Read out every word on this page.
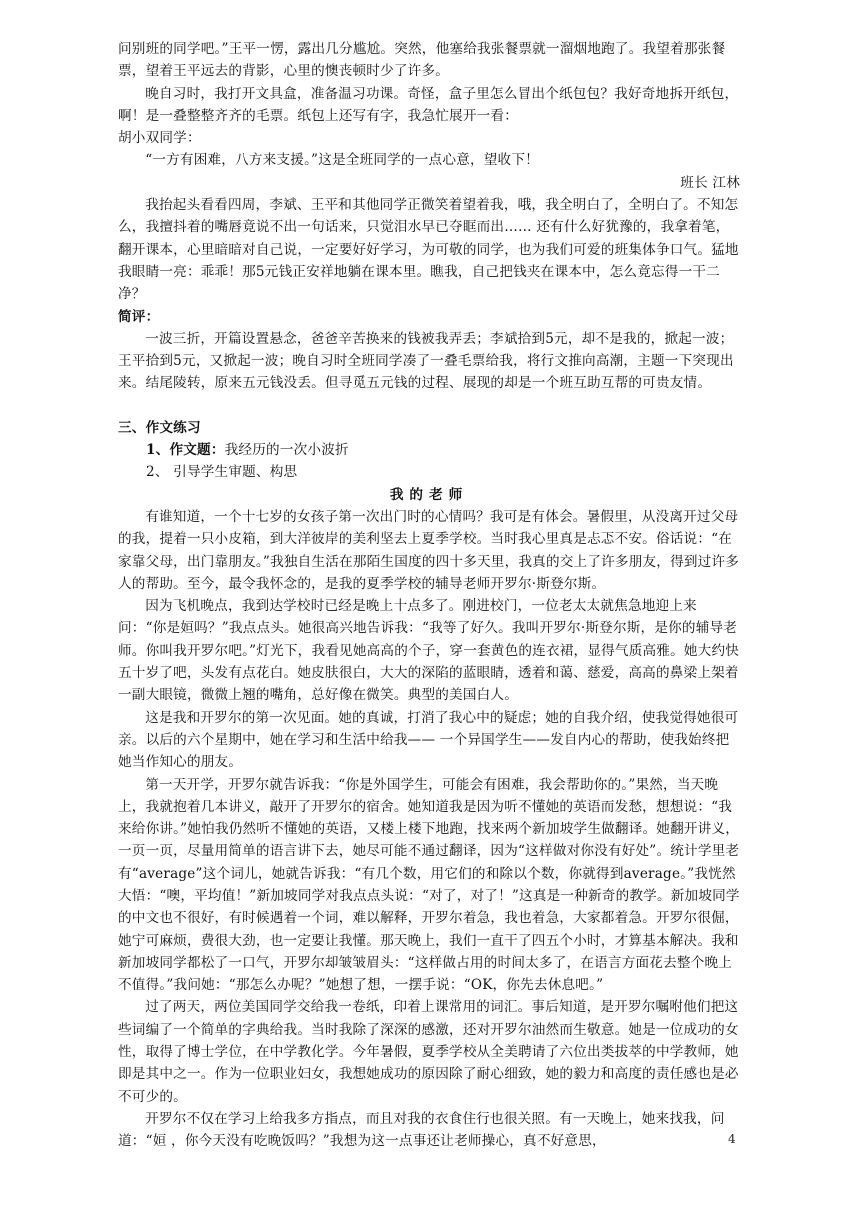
问别班的同学吧。”王平一愣，露出几分尴尬。突然，他塞给我张餐票就一溜烟地跑了。我望着那张餐票，望着王平远去的背影，心里的懊丧顿时少了许多。

晚自习时，我打开文具盒，准备温习功课。奇怪，盒子里怎么冒出个纸包包？我好奇地拆开纸包，啊！是一叠整整齐齐的毛票。纸包上还写有字，我急忙展开一看：

胡小双同学：

“一方有困难，八方来支援。”这是全班同学的一点心意，望收下！

班长 江林

我抬起头看看四周，李斌、王平和其他同学正微笑着望着我，哦，我全明白了，全明白了。不知怎么，我擅抖着的嘴唇竟说不出一句话来，只觉泪水早已夺眶而出…… 还有什么好犹豫的，我拿着笔，翻开课本，心里暗暗对自己说，一定要好好学习，为可敬的同学，也为我们可爱的班集体争口气。猛地我眼睛一亮：乖乖！那5元钱正安祥地躺在课本里。瞧我，自己把钱夹在课本中，怎么竟忘得一干二净？

简评：

一波三折，开篇设置悬念，爸爸辛苦换来的钱被我弄丢；李斌拾到5元，却不是我的，掀起一波；王平拾到5元，又掀起一波；晚自习时全班同学凑了一叠毛票给我，将行文推向高潮，主题一下突现出来。结尾陵转，原来五元钱没丢。但寻觅五元钱的过程、展现的却是一个班互助互帮的可贵友情。

三、作文练习

1、作文题：我经历的一次小波折

2、 引导学生审题、构思

我的老师

有谁知道，一个十七岁的女孩子第一次出门时的心情吗？我可是有体会。暑假里，从没离开过父母的我，提着一只小皮箱，到大洋彼岸的美利坚去上夏季学校。当时我心里真是忐忑不安。俗话说：“在家靠父母，出门靠朋友。”我独自生活在那陌生国度的四十多天里，我真的交上了许多朋友，得到过许多人的帮助。至今，最令我怀念的，是我的夏季学校的辅导老师开罗尔·斯登尔斯。

因为飞机晚点，我到达学校时已经是晚上十点多了。刚进校门，一位老太太就焦急地迎上来问：“你是姮吗？”我点点头。她很高兴地告诉我：“我等了好久。我叫开罗尔·斯登尔斯，是你的辅导老师。你叫我开罗尔吧。”灯光下，我看见她高高的个子，穿一套黄色的连衣裙，显得气质高雅。她大约快五十岁了吧，头发有点花白。她皮肤很白，大大的深陷的蓝眼睛，透着和蔼、慈爱，高高的鼻梁上架着一副大眼镜，微微上翘的嘴角，总好像在微笑。典型的美国白人。

这是我和开罗尔的第一次见面。她的真诚，打消了我心中的疑虑；她的自我介绍，使我觉得她很可亲。以后的六个星期中，她在学习和生活中给我—— 一个异国学生——发自内心的帮助，使我始终把她当作知心的朋友。

第一天开学，开罗尔就告诉我：“你是外国学生，可能会有困难，我会帮助你的。”果然，当天晚上，我就抱着几本讲义，敲开了开罗尔的宿舍。她知道我是因为听不懂她的英语而发愁，想想说：“我来给你讲。”她怕我仍然听不懂她的英语，又楼上楼下地跑，找来两个新加坡学生做翻译。她翻开讲义，一页一页，尽量用简单的语言讲下去，她尽可能不通过翻译，因为“这样做对你没有好处”。统计学里老有“average”这个词儿，她就告诉我：“有几个数，用它们的和除以个数，你就得到average。”我恍然大悟：“噢，平均值！”新加坡同学对我点点头说：“对了，对了！”这真是一种新奇的教学。新加坡同学的中文也不很好，有时候遇着一个词，难以解释，开罗尔着急，我也着急，大家都着急。开罗尔很倔，她宁可麻烦，费很大劲，也一定要让我懂。那天晚上，我们一直干了四五个小时，才算基本解决。我和新加坡同学都松了一口气，开罗尔却皱皱眉头：“这样做占用的时间太多了，在语言方面花去整个晚上不值得。”我问她：“那怎么办呢？”她想了想，一摆手说：“OK，你先去休息吧。”

过了两天，两位美国同学交给我一卷纸，印着上课常用的词汇。事后知道，是开罗尔嘱咐他们把这些词编了一个简单的字典给我。当时我除了深深的感激，还对开罗尔油然而生敬意。她是一位成功的女性，取得了博士学位，在中学教化学。今年暑假，夏季学校从全美聘请了六位出类拔萃的中学教师，她即是其中之一。作为一位职业妇女，我想她成功的原因除了耐心细致，她的毅力和高度的责任感也是必不可少的。

开罗尔不仅在学习上给我多方指点，而且对我的衣食住行也很关照。有一天晚上，她来找我，问道：“姮 ，你今天没有吃晚饭吗？”我想为这一点事还让老师操心，真不好意思，	4
